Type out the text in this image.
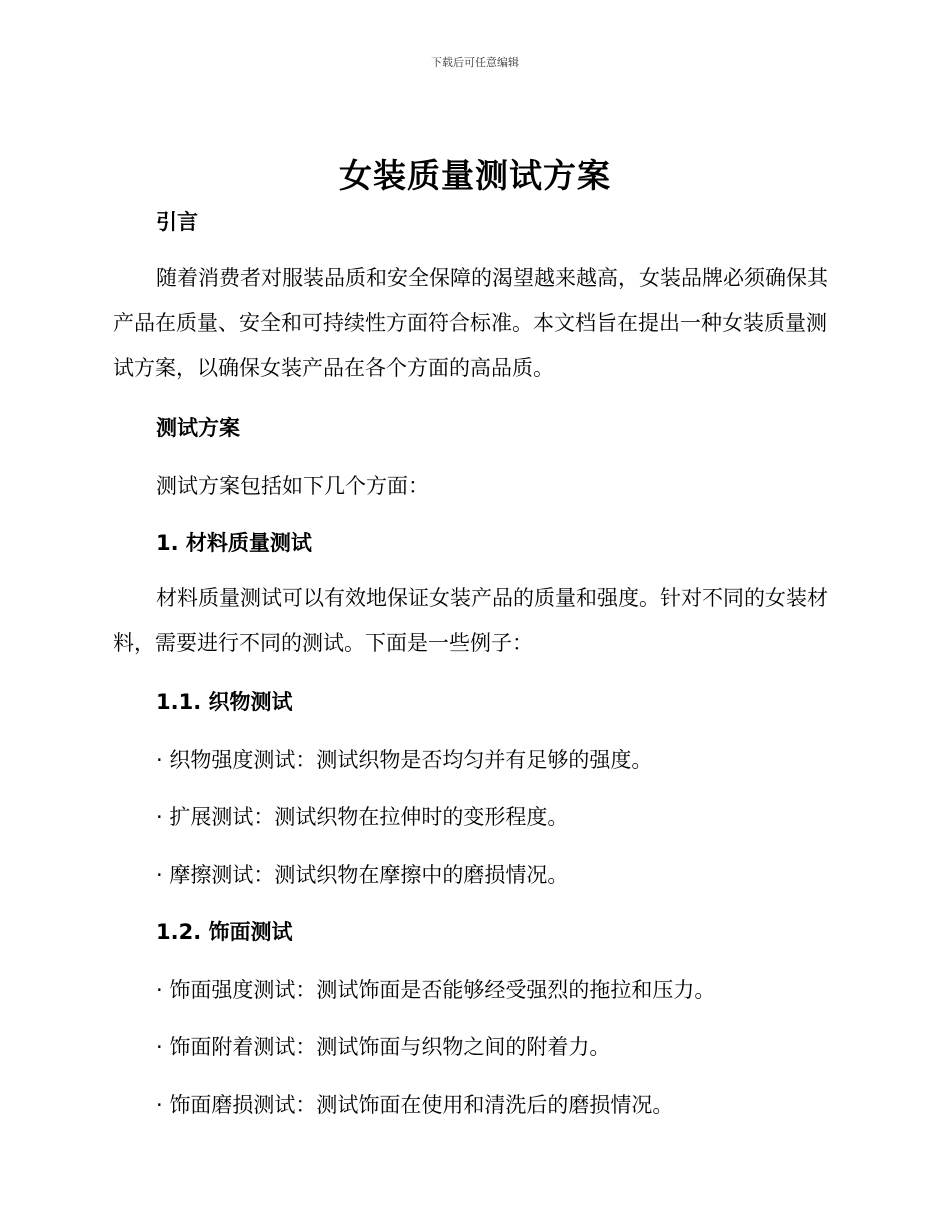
下载后可任意编辑
女装质量测试方案
引言
随着消费者对服装品质和安全保障的渴望越来越高，女装品牌必须确保其产品在质量、安全和可持续性方面符合标准。本文档旨在提出一种女装质量测试方案，以确保女装产品在各个方面的高品质。
测试方案
测试方案包括如下几个方面：
1. 材料质量测试
材料质量测试可以有效地保证女装产品的质量和强度。针对不同的女装材料，需要进行不同的测试。下面是一些例子：
1.1. 织物测试
· 织物强度测试：测试织物是否均匀并有足够的强度。
· 扩展测试：测试织物在拉伸时的变形程度。
· 摩擦测试：测试织物在摩擦中的磨损情况。
1.2. 饰面测试
· 饰面强度测试：测试饰面是否能够经受强烈的拖拉和压力。
· 饰面附着测试：测试饰面与织物之间的附着力。
· 饰面磨损测试：测试饰面在使用和清洗后的磨损情况。
